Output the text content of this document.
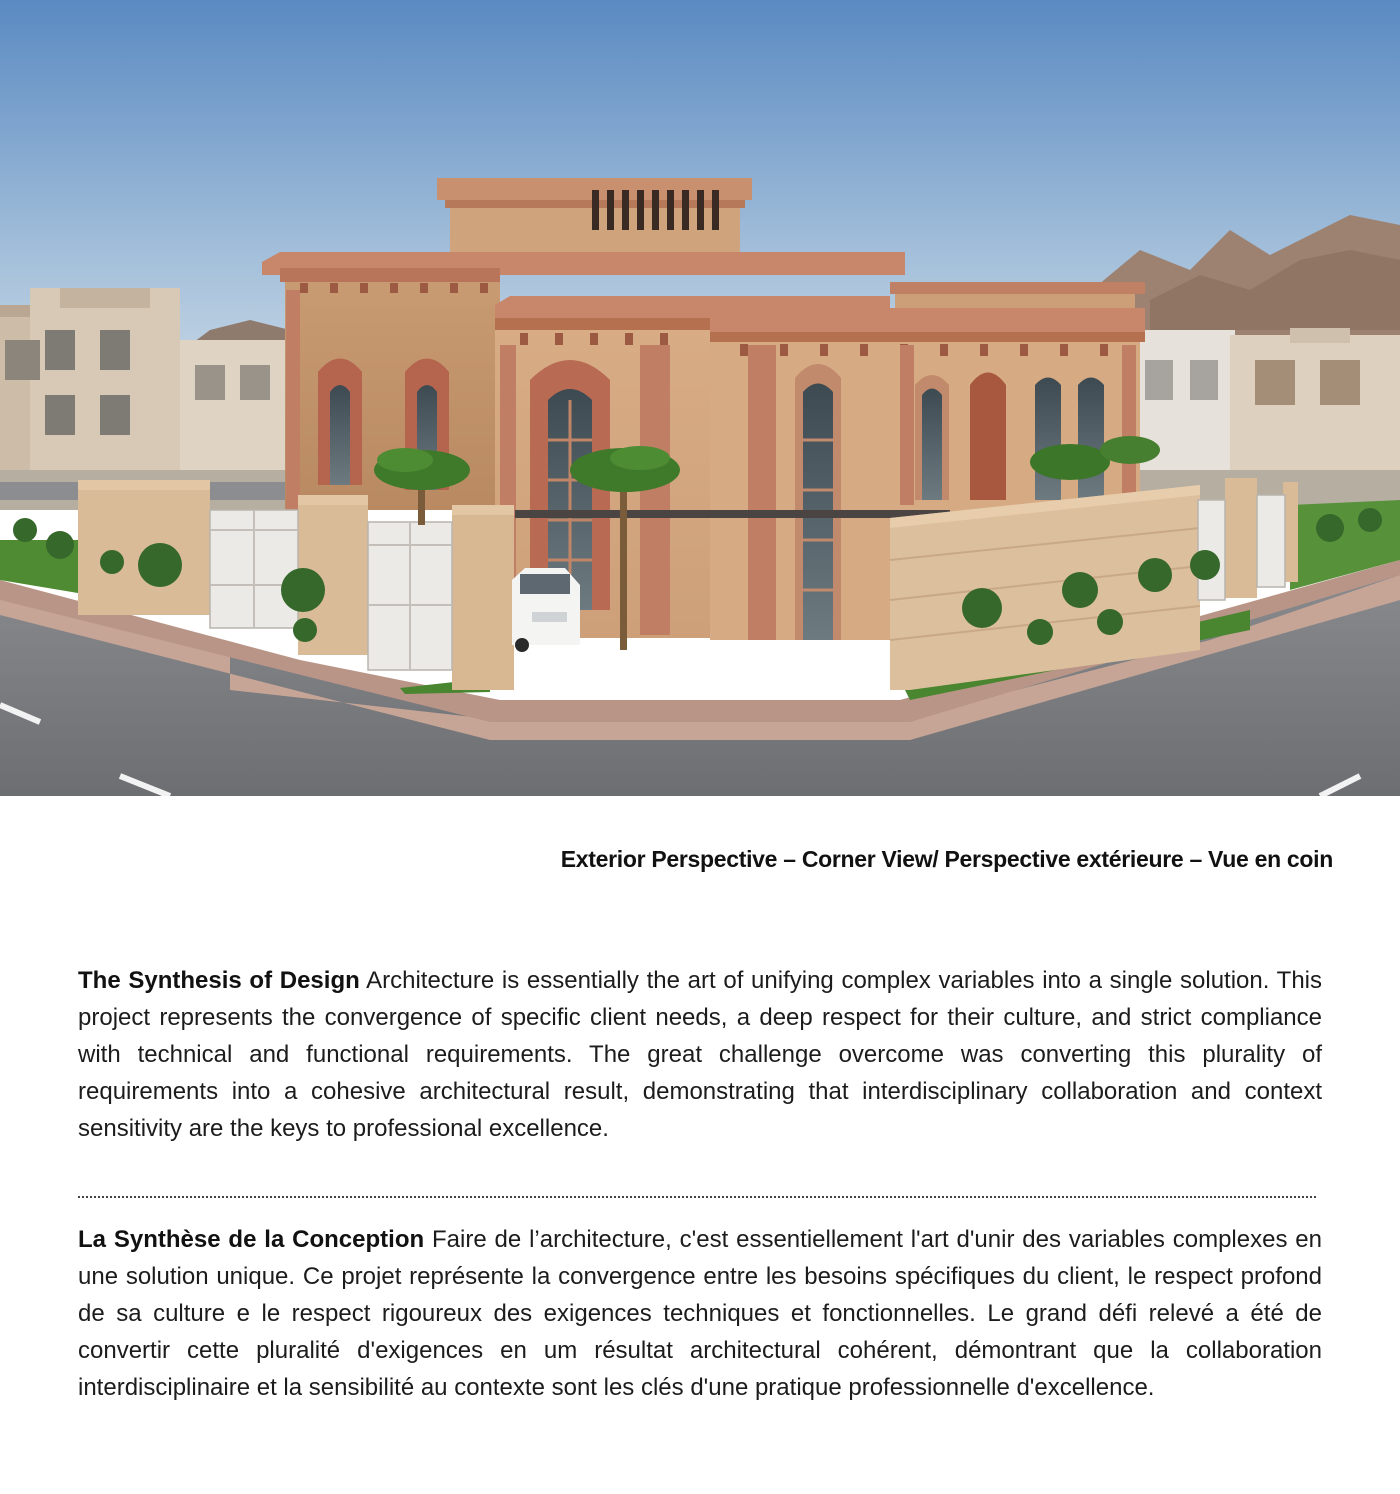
Exterior Perspective – Corner View/ Perspective extérieure – Vue en coin

The Synthesis of Design Architecture is essentially the art of unifying complex variables into a single solution. This project represents the convergence of specific client needs, a deep respect for their culture, and strict compliance with technical and functional requirements. The great challenge overcome was converting this plurality of requirements into a cohesive architectural result, demonstrating that interdisciplinary collaboration and context sensitivity are the keys to professional excellence.

La Synthèse de la Conception Faire de l’architecture, c'est essentiellement l'art d'unir des variables complexes en une solution unique. Ce projet représente la convergence entre les besoins spécifiques du client, le respect profond de sa culture e le respect rigoureux des exigences techniques et fonctionnelles. Le grand défi relevé a été de convertir cette pluralité d'exigences en um résultat architectural cohérent, démontrant que la collaboration interdisciplinaire et la sensibilité au contexte sont les clés d'une pratique professionnelle d'excellence.
